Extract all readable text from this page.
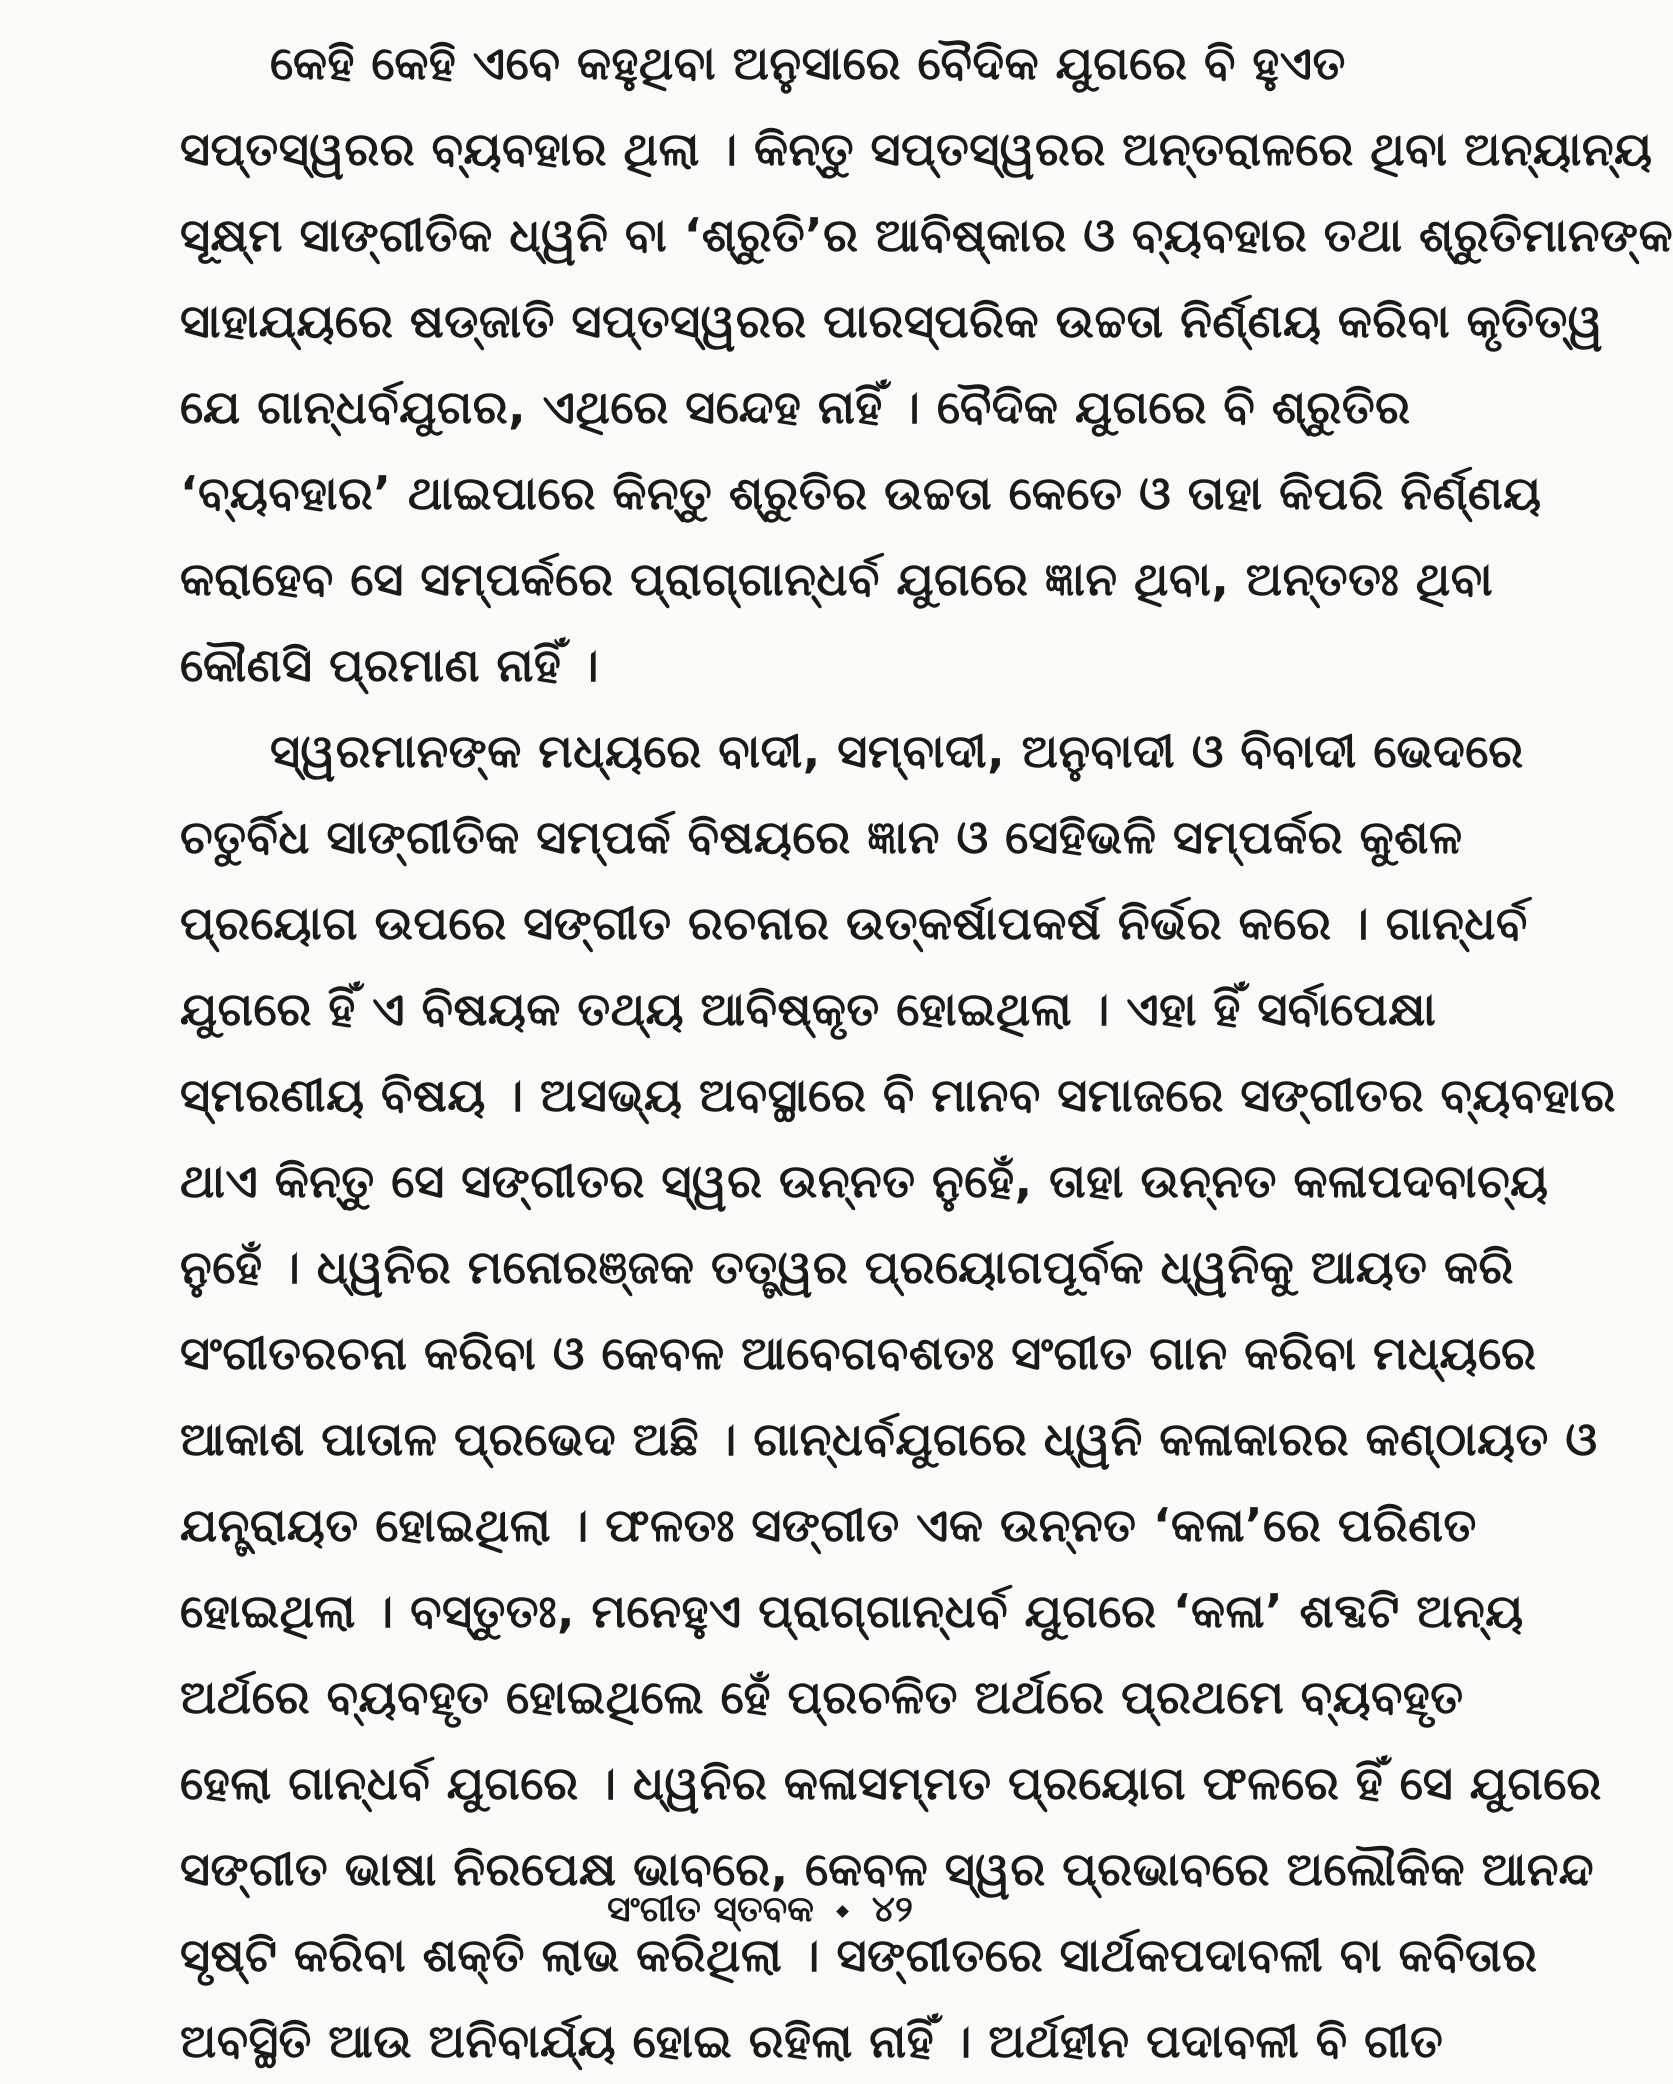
କେହି କେହି ଏବେ କହୁଥିବା ଅନୁସାରେ ବୈଦିକ ଯୁଗରେ ବି ହୁଏତ
ସପ୍ତସ୍ୱରର ବ୍ୟବହାର ଥିଲା । କିନ୍ତୁ ସପ୍ତସ୍ୱରର ଅନ୍ତରାଳରେ ଥିବା ଅନ୍ୟାନ୍ୟ
ସୂକ୍ଷ୍ମ ସାଙ୍ଗୀତିକ ଧ୍ୱନି ବା ‘ଶ୍ରୁତି’ର ଆବିଷ୍କାର ଓ ବ୍ୟବହାର ତଥା ଶ୍ରୁତିମାନଙ୍କ
ସାହାଯ୍ୟରେ ଷଡ୍‌ଜାତି ସପ୍ତସ୍ୱରର ପାରସ୍ପରିକ ଉଚ୍ଚତା ନିର୍ଣ୍ଣୟ କରିବା କୃତିତ୍ୱ
ଯେ ଗାନ୍ଧର୍ବଯୁଗର, ଏଥିରେ ସନ୍ଦେହ ନାହିଁ । ବୈଦିକ ଯୁଗରେ ବି ଶ୍ରୁତିର
‘ବ୍ୟବହାର’ ଥାଇପାରେ କିନ୍ତୁ ଶ୍ରୁତିର ଉଚ୍ଚତା କେତେ ଓ ତାହା କିପରି ନିର୍ଣ୍ଣୟ
କରାହେବ ସେ ସମ୍ପର୍କରେ ପ୍ରାଗ୍‌ଗାନ୍ଧର୍ବ ଯୁଗରେ ଜ୍ଞାନ ଥିବା, ଅନ୍ତତଃ ଥିବା
କୌଣସି ପ୍ରମାଣ ନାହିଁ ।
ସ୍ୱରମାନଙ୍କ ମଧ୍ୟରେ ବାଦୀ, ସମ୍ବାଦୀ, ଅନୁବାଦୀ ଓ ବିବାଦୀ ଭେଦରେ
ଚତୁର୍ବିଧ ସାଙ୍ଗୀତିକ ସମ୍ପର୍କ ବିଷୟରେ ଜ୍ଞାନ ଓ ସେହିଭଳି ସମ୍ପର୍କର କୁଶଳ
ପ୍ରୟୋଗ ଉପରେ ସଙ୍ଗୀତ ରଚନାର ଉତ୍‌କର୍ଷାପକର୍ଷ ନିର୍ଭର କରେ । ଗାନ୍ଧର୍ବ
ଯୁଗରେ ହିଁ ଏ ବିଷୟକ ତଥ୍ୟ ଆବିଷ୍କୃତ ହୋଇଥିଲା । ଏହା ହିଁ ସର୍ବାପେକ୍ଷା
ସ୍ମରଣୀୟ ବିଷୟ । ଅସଭ୍ୟ ଅବସ୍ଥାରେ ବି ମାନବ ସମାଜରେ ସଙ୍ଗୀତର ବ୍ୟବହାର
ଥାଏ କିନ୍ତୁ ସେ ସଙ୍ଗୀତର ସ୍ୱର ଉନ୍ନତ ନୁହେଁ, ତାହା ଉନ୍ନତ କଳାପଦବାଚ୍ୟ
ନୁହେଁ । ଧ୍ୱନିର ମନୋରଞ୍ଜକ ତତ୍ତ୍ୱର ପ୍ରୟୋଗପୂର୍ବକ ଧ୍ୱନିକୁ ଆୟତ କରି
ସଂଗୀତରଚନା କରିବା ଓ କେବଳ ଆବେଗବଶତଃ ସଂଗୀତ ଗାନ କରିବା ମଧ୍ୟରେ
ଆକାଶ ପାତାଳ ପ୍ରଭେଦ ଅଛି । ଗାନ୍ଧର୍ବଯୁଗରେ ଧ୍ୱନି କଳାକାରର କଣ୍ଠାୟତ ଓ
ଯନ୍ତ୍ରାୟତ ହୋଇଥିଲା । ଫଳତଃ ସଙ୍ଗୀତ ଏକ ଉନ୍ନତ ‘କଳା’ରେ ପରିଣତ
ହୋଇଥିଲା । ବସ୍ତୁତଃ, ମନେହୁଏ ପ୍ରାଗ୍‌ଗାନ୍ଧର୍ବ ଯୁଗରେ ‘କଳା’ ଶବ୍ଦଟି ଅନ୍ୟ
ଅର୍ଥରେ ବ୍ୟବହୃତ ହୋଇଥିଲେ ହେଁ ପ୍ରଚଳିତ ଅର୍ଥରେ ପ୍ରଥମେ ବ୍ୟବହୃତ
ହେଲା ଗାନ୍ଧର୍ବ ଯୁଗରେ । ଧ୍ୱନିର କଳାସମ୍ମତ ପ୍ରୟୋଗ ଫଳରେ ହିଁ ସେ ଯୁଗରେ
ସଙ୍ଗୀତ ଭାଷା ନିରପେକ୍ଷ ଭାବରେ, କେବଳ ସ୍ୱର ପ୍ରଭାବରେ ଅଲୌକିକ ଆନନ୍ଦ
ସୃଷ୍ଟି କରିବା ଶକ୍ତି ଲାଭ କରିଥିଲା । ସଙ୍ଗୀତରେ ସାର୍ଥକପଦାବଳୀ ବା କବିତାର
ଅବସ୍ଥିତି ଆଉ ଅନିବାର୍ଯ୍ୟ ହୋଇ ରହିଲା ନାହିଁ । ଅର୍ଥହୀନ ପଦାବଳୀ ବି ଗୀତ
ସଂଗୀତ ସ୍ତବକ ୪୨
